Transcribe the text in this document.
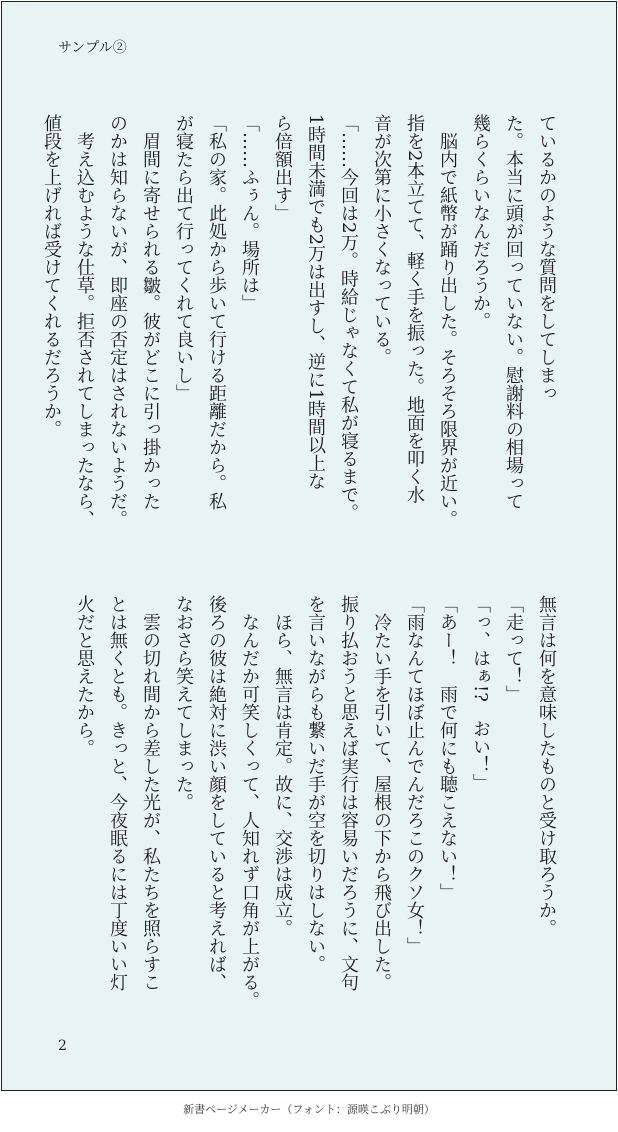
サンプル②
ているかのような質問をしてしまっ
た。本当に頭が回っていない。慰謝料の相場って
幾らくらいなんだろうか。
　脳内で紙幣が踊り出した。そろそろ限界が近い。
指を2本立てて、軽く手を振った。地面を叩く水
音が次第に小さくなっている。
「……今回は2万。時給じゃなくて私が寝るまで。
1時間未満でも2万は出すし、逆に1時間以上な
ら倍額出す」
「……ふぅん。場所は」
「私の家。此処から歩いて行ける距離だから。私
が寝たら出て行ってくれて良いし」
　眉間に寄せられる皺。彼がどこに引っ掛かった
のかは知らないが、即座の否定はされないようだ。
　考え込むような仕草。拒否されてしまったなら、
値段を上げれば受けてくれるだろうか。
無言は何を意味したものと受け取ろうか。
「走って！」
「っ、はぁ!?　おい！」
「あー！　雨で何にも聴こえない！」
「雨なんてほぼ止んでんだろこのクソ女！」
　冷たい手を引いて、屋根の下から飛び出した。
振り払おうと思えば実行は容易いだろうに、文句
を言いながらも繋いだ手が空を切りはしない。
　ほら、無言は肯定。故に、交渉は成立。
　なんだか可笑しくって、人知れず口角が上がる。
後ろの彼は絶対に渋い顔をしていると考えれば、
なおさら笑えてしまった。
　雲の切れ間から差した光が、私たちを照らすこ
とは無くとも。きっと、今夜眠るには丁度いい灯
火だと思えたから。
2
新書ページメーカー（フォント：源暎こぶり明朝）
